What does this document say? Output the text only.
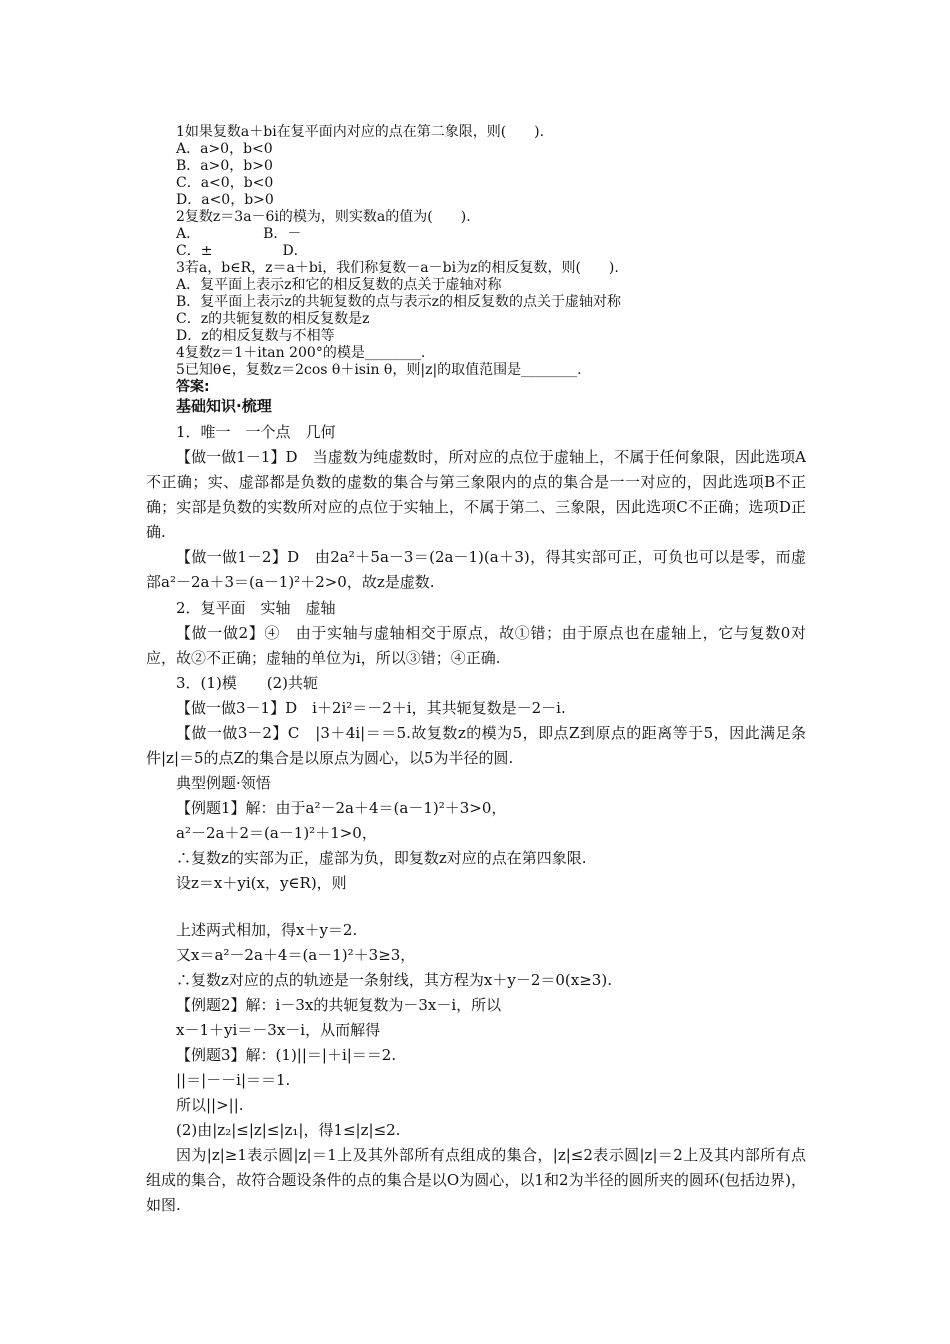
1如果复数a＋bi在复平面内对应的点在第二象限，则(　　).
A．a>0，b<0
B．a>0，b>0
C．a<0，b<0
D．a<0，b>0
2复数z＝3a－6i的模为，则实数a的值为(　　).
A．　　　　　B．－
C．±　　　　　D．
3若a，b∈R，z＝a＋bi，我们称复数－a－bi为z的相反复数，则(　　).
A．复平面上表示z和它的相反复数的点关于虚轴对称
B．复平面上表示z的共轭复数的点与表示z的相反复数的点关于虚轴对称
C．z的共轭复数的相反复数是z
D．z的相反复数与不相等
4复数z＝1＋itan 200°的模是________.
5已知θ∈，复数z＝2cos θ＋isin θ，则|z|的取值范围是________.
答案:
基础知识·梳理
1．唯一　一个点　几何
【做一做1－1】D　当虚数为纯虚数时，所对应的点位于虚轴上，不属于任何象限，因此选项A不正确；实、虚部都是负数的虚数的集合与第三象限内的点的集合是一一对应的，因此选项B不正确；实部是负数的实数所对应的点位于实轴上，不属于第二、三象限，因此选项C不正确；选项D正确.
【做一做1－2】D　由2a²＋5a－3＝(2a－1)(a＋3)，得其实部可正，可负也可以是零，而虚部a²－2a＋3＝(a－1)²＋2>0，故z是虚数.
2．复平面　实轴　虚轴
【做一做2】④　由于实轴与虚轴相交于原点，故①错；由于原点也在虚轴上，它与复数0对应，故②不正确；虚轴的单位为i，所以③错；④正确.
3．(1)模　　(2)共轭
【做一做3－1】D　i＋2i²＝－2＋i，其共轭复数是－2－i.
【做一做3－2】C　|3＋4i|＝＝5.故复数z的模为5，即点Z到原点的距离等于5，因此满足条件|z|＝5的点Z的集合是以原点为圆心，以5为半径的圆.
典型例题·领悟
【例题1】解：由于a²－2a＋4＝(a－1)²＋3>0，
a²－2a＋2＝(a－1)²＋1>0，
∴复数z的实部为正，虚部为负，即复数z对应的点在第四象限.
设z＝x＋yi(x，y∈R)，则
上述两式相加，得x＋y＝2.
又x＝a²－2a＋4＝(a－1)²＋3≥3，
∴复数z对应的点的轨迹是一条射线，其方程为x＋y－2＝0(x≥3).
【例题2】解：i－3x的共轭复数为－3x－i，所以
x－1＋yi＝－3x－i，从而解得
【例题3】解：(1)||＝|＋i|＝＝2.
||＝|－－i|＝＝1.
所以||>||.
(2)由|z₂|≤|z|≤|z₁|，得1≤|z|≤2.
因为|z|≥1表示圆|z|＝1上及其外部所有点组成的集合，|z|≤2表示圆|z|＝2上及其内部所有点组成的集合，故符合题设条件的点的集合是以O为圆心，以1和2为半径的圆所夹的圆环(包括边界)，如图.
